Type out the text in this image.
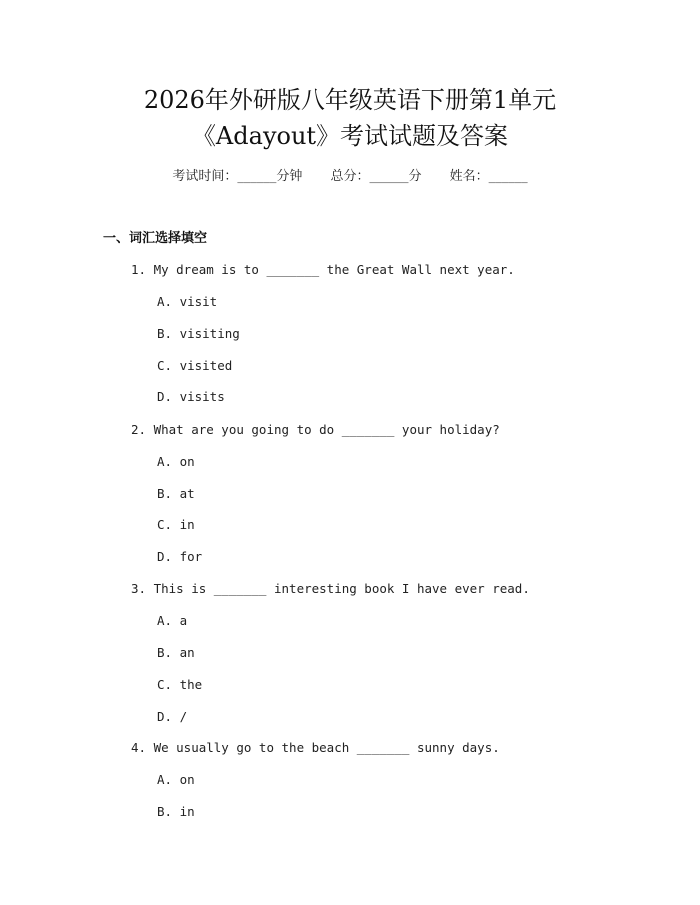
2026年外研版八年级英语下册第1单元
《Adayout》考试试题及答案
考试时间：______分钟 总分：______分 姓名：______
一、词汇选择填空
1. My dream is to _______ the Great Wall next year.
A. visit
B. visiting
C. visited
D. visits
2. What are you going to do _______ your holiday?
A. on
B. at
C. in
D. for
3. This is _______ interesting book I have ever read.
A. a
B. an
C. the
D. /
4. We usually go to the beach _______ sunny days.
A. on
B. in
